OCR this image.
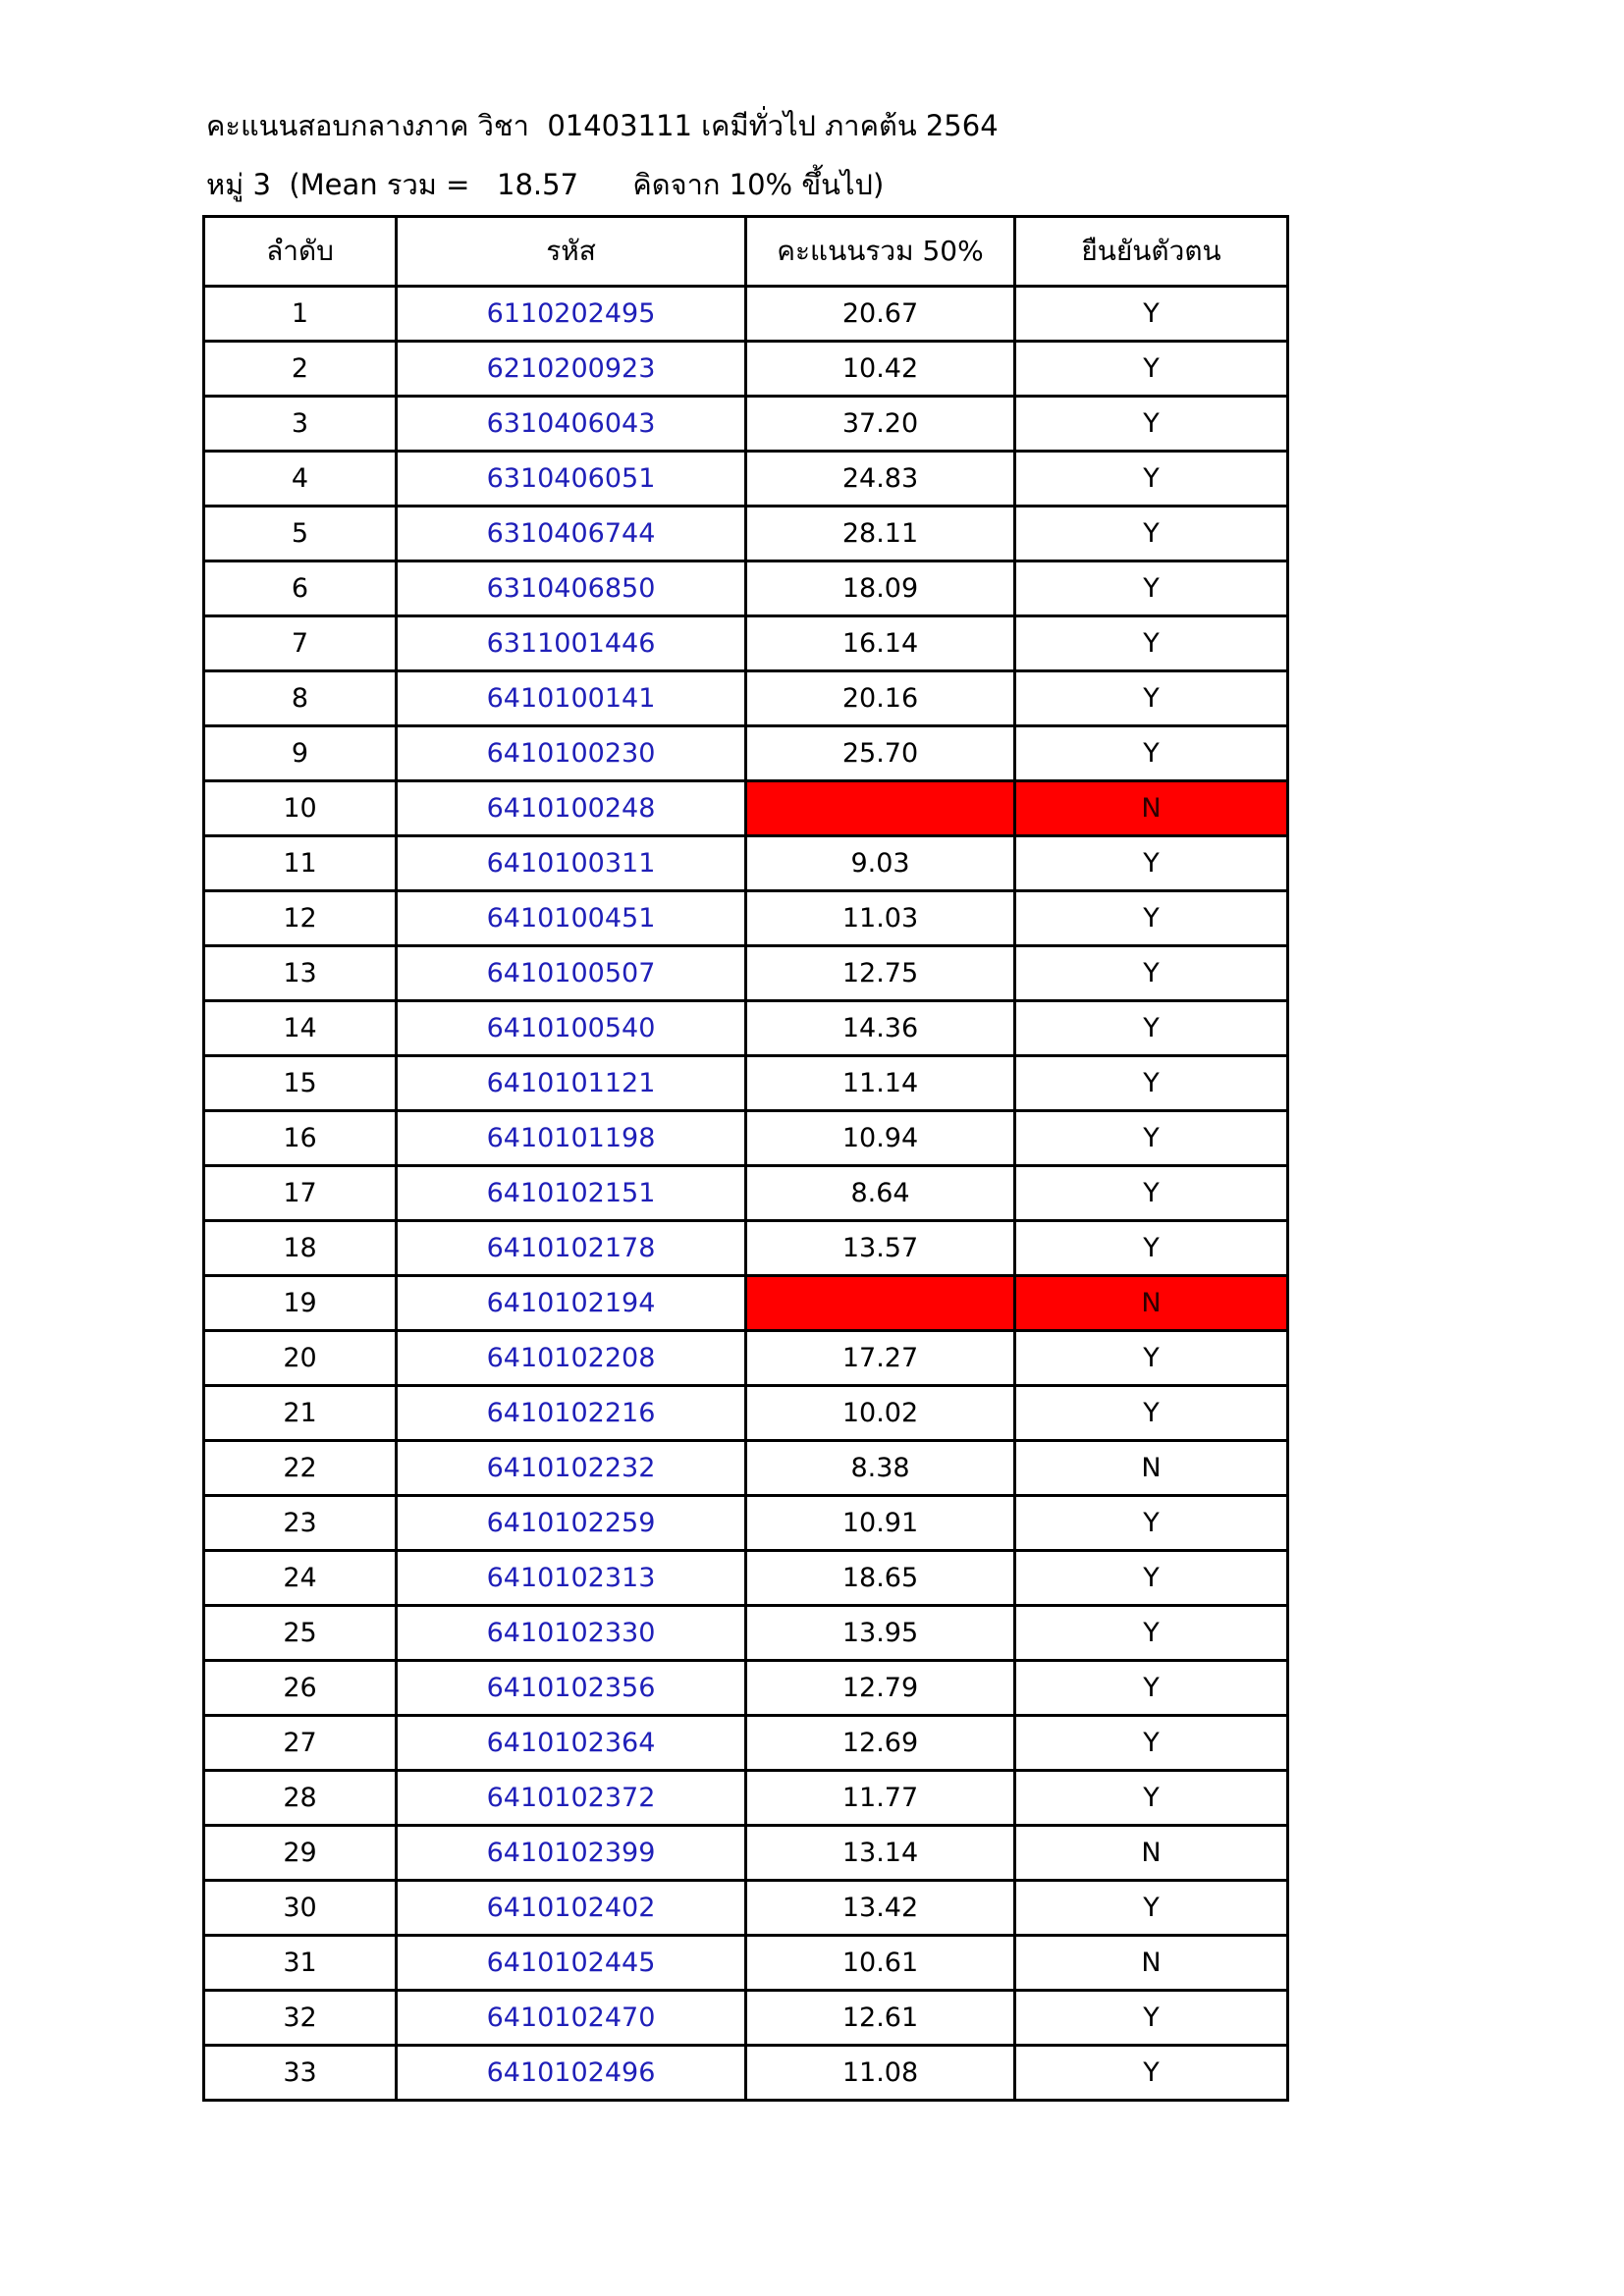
คะแนนสอบกลางภาค วิชา  01403111 เคมีทั่วไป ภาคต้น 2564
หมู่ 3  (Mean รวม =   18.57      คิดจาก 10% ขึ้นไป)
ลำดับ	รหัส	คะแนนรวม 50%	ยืนยันตัวตน
1	6110202495	20.67	Y
2	6210200923	10.42	Y
3	6310406043	37.20	Y
4	6310406051	24.83	Y
5	6310406744	28.11	Y
6	6310406850	18.09	Y
7	6311001446	16.14	Y
8	6410100141	20.16	Y
9	6410100230	25.70	Y
10	6410100248		N
11	6410100311	9.03	Y
12	6410100451	11.03	Y
13	6410100507	12.75	Y
14	6410100540	14.36	Y
15	6410101121	11.14	Y
16	6410101198	10.94	Y
17	6410102151	8.64	Y
18	6410102178	13.57	Y
19	6410102194		N
20	6410102208	17.27	Y
21	6410102216	10.02	Y
22	6410102232	8.38	N
23	6410102259	10.91	Y
24	6410102313	18.65	Y
25	6410102330	13.95	Y
26	6410102356	12.79	Y
27	6410102364	12.69	Y
28	6410102372	11.77	Y
29	6410102399	13.14	N
30	6410102402	13.42	Y
31	6410102445	10.61	N
32	6410102470	12.61	Y
33	6410102496	11.08	Y
